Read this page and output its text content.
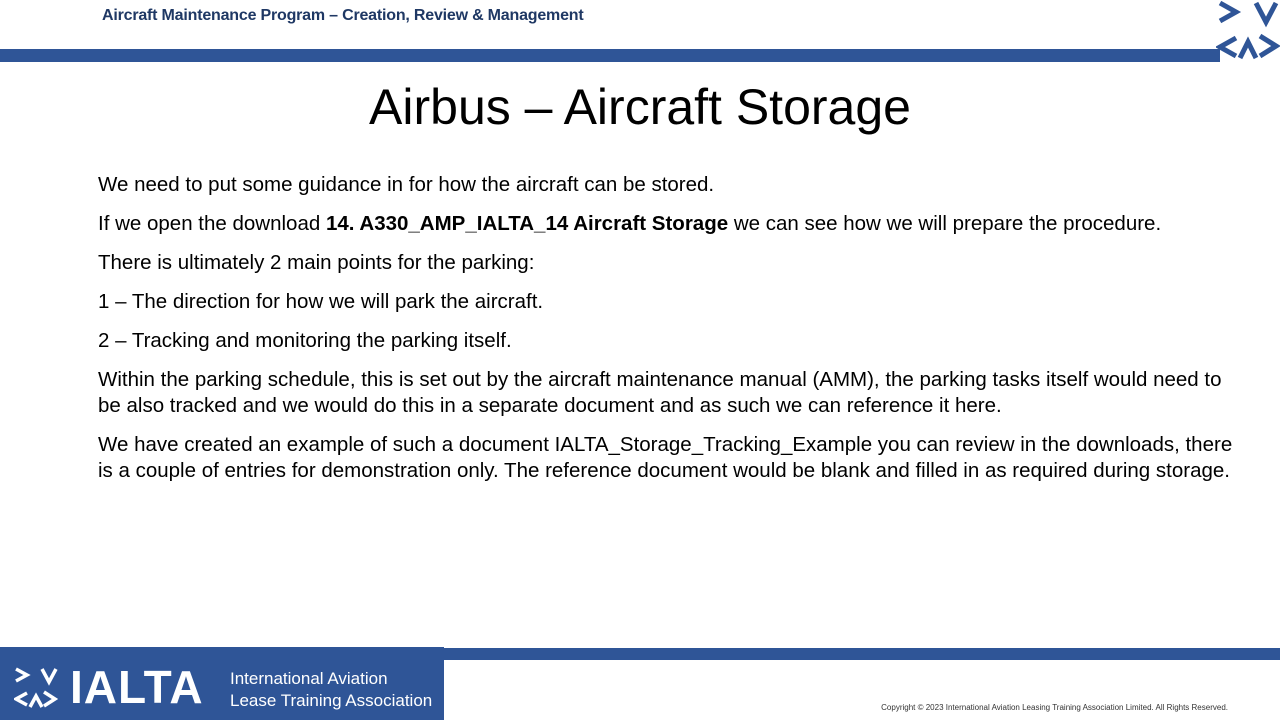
Aircraft Maintenance Program – Creation, Review & Management
Airbus – Aircraft Storage

We need to put some guidance in for how the aircraft can be stored.

If we open the download 14. A330_AMP_IALTA_14 Aircraft Storage we can see how we will prepare the procedure.

There is ultimately 2 main points for the parking:

1 – The direction for how we will park the aircraft.

2 – Tracking and monitoring the parking itself.

Within the parking schedule, this is set out by the aircraft maintenance manual (AMM), the parking tasks itself would need to be also tracked and we would do this in a separate document and as such we can reference it here.

We have created an example of such a document IALTA_Storage_Tracking_Example you can review in the downloads, there is a couple of entries for demonstration only. The reference document would be blank and filled in as required during storage.

IALTA International Aviation
Lease Training Association	Copyright © 2023 International Aviation Leasing Training Association Limited. All Rights Reserved.
